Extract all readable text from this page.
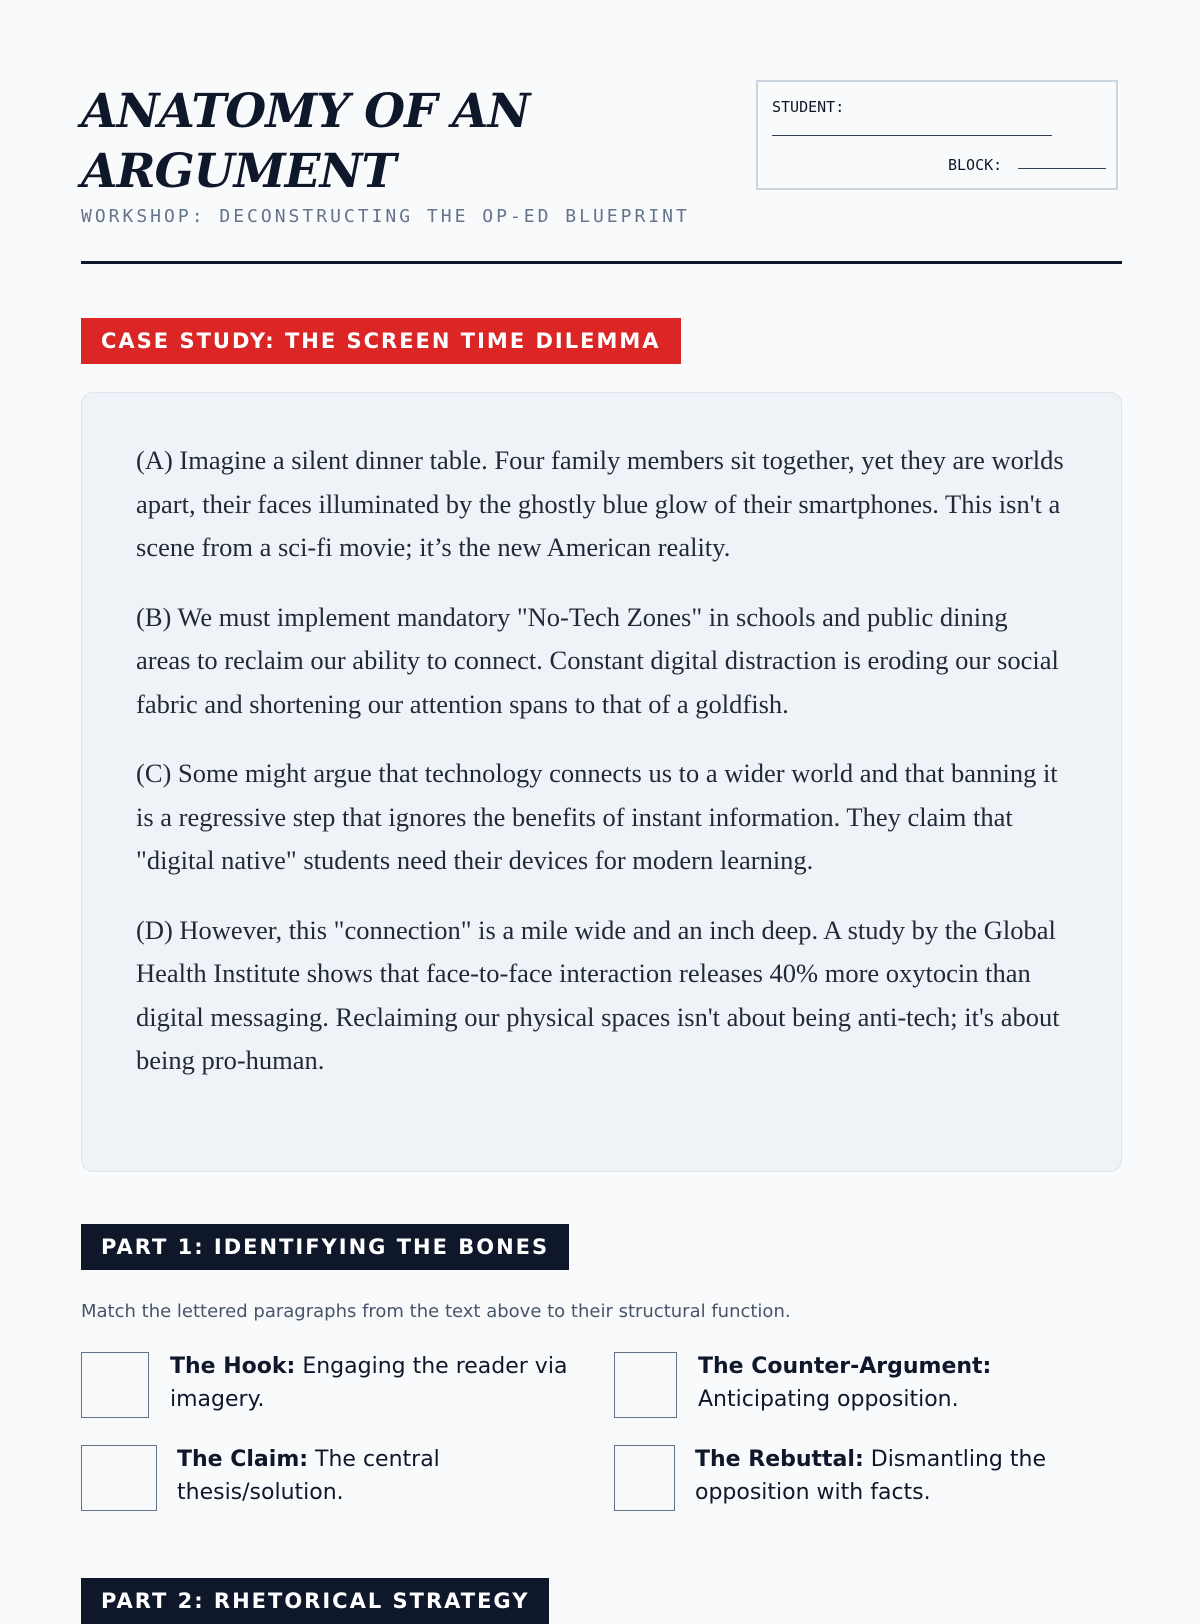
ANATOMY OF AN
ARGUMENT
WORKSHOP: DECONSTRUCTING THE OP-ED BLUEPRINT
STUDENT:
BLOCK:
CASE STUDY: THE SCREEN TIME DILEMMA

(A) Imagine a silent dinner table. Four family members sit together, yet they are worlds apart, their faces illuminated by the ghostly blue glow of their smartphones. This isn't a scene from a sci-fi movie; it’s the new American reality.

(B) We must implement mandatory "No-Tech Zones" in schools and public dining areas to reclaim our ability to connect. Constant digital distraction is eroding our social fabric and shortening our attention spans to that of a goldfish.

(C) Some might argue that technology connects us to a wider world and that banning it is a regressive step that ignores the benefits of instant information. They claim that "digital native" students need their devices for modern learning.

(D) However, this "connection" is a mile wide and an inch deep. A study by the Global Health Institute shows that face-to-face interaction releases 40% more oxytocin than digital messaging. Reclaiming our physical spaces isn't about being anti-tech; it's about being pro-human.

PART 1: IDENTIFYING THE BONES
Match the lettered paragraphs from the text above to their structural function.
The Hook: Engaging the reader via imagery.
The Counter-Argument: Anticipating opposition.
The Claim: The central thesis/solution.
The Rebuttal: Dismantling the opposition with facts.
PART 2: RHETORICAL STRATEGY
